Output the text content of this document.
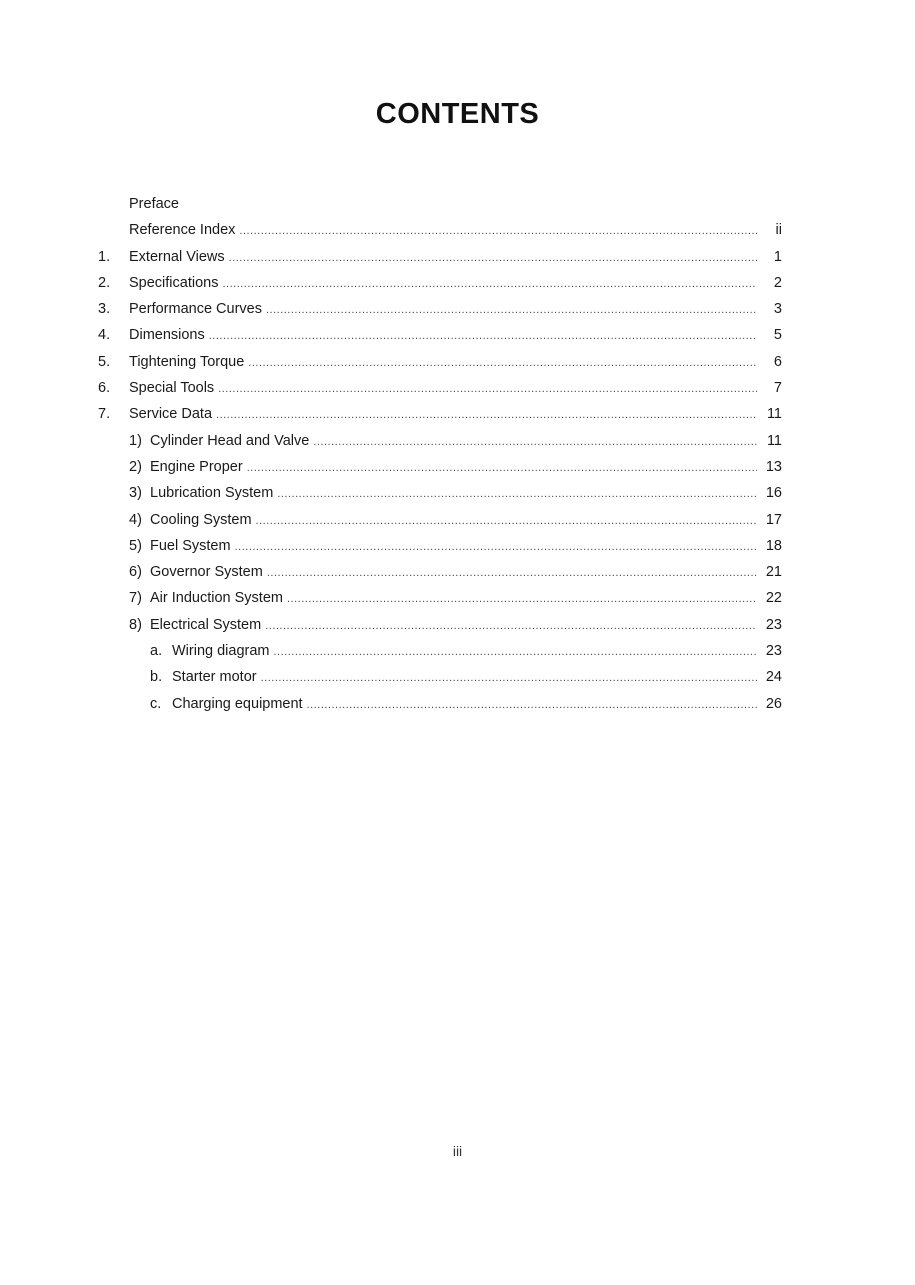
CONTENTS
Preface
Reference Index .....	ii
1. External Views .....	1
2. Specifications .....	2
3. Performance Curves .....	3
4. Dimensions .....	5
5. Tightening Torque .....	6
6. Special Tools .....	7
7. Service Data .....	11
1) Cylinder Head and Valve .....	11
2) Engine Proper .....	13
3) Lubrication System .....	16
4) Cooling System .....	17
5) Fuel System .....	18
6) Governor System .....	21
7) Air Induction System .....	22
8) Electrical System .....	23
a. Wiring diagram .....	23
b. Starter motor .....	24
c. Charging equipment .....	26
iii
